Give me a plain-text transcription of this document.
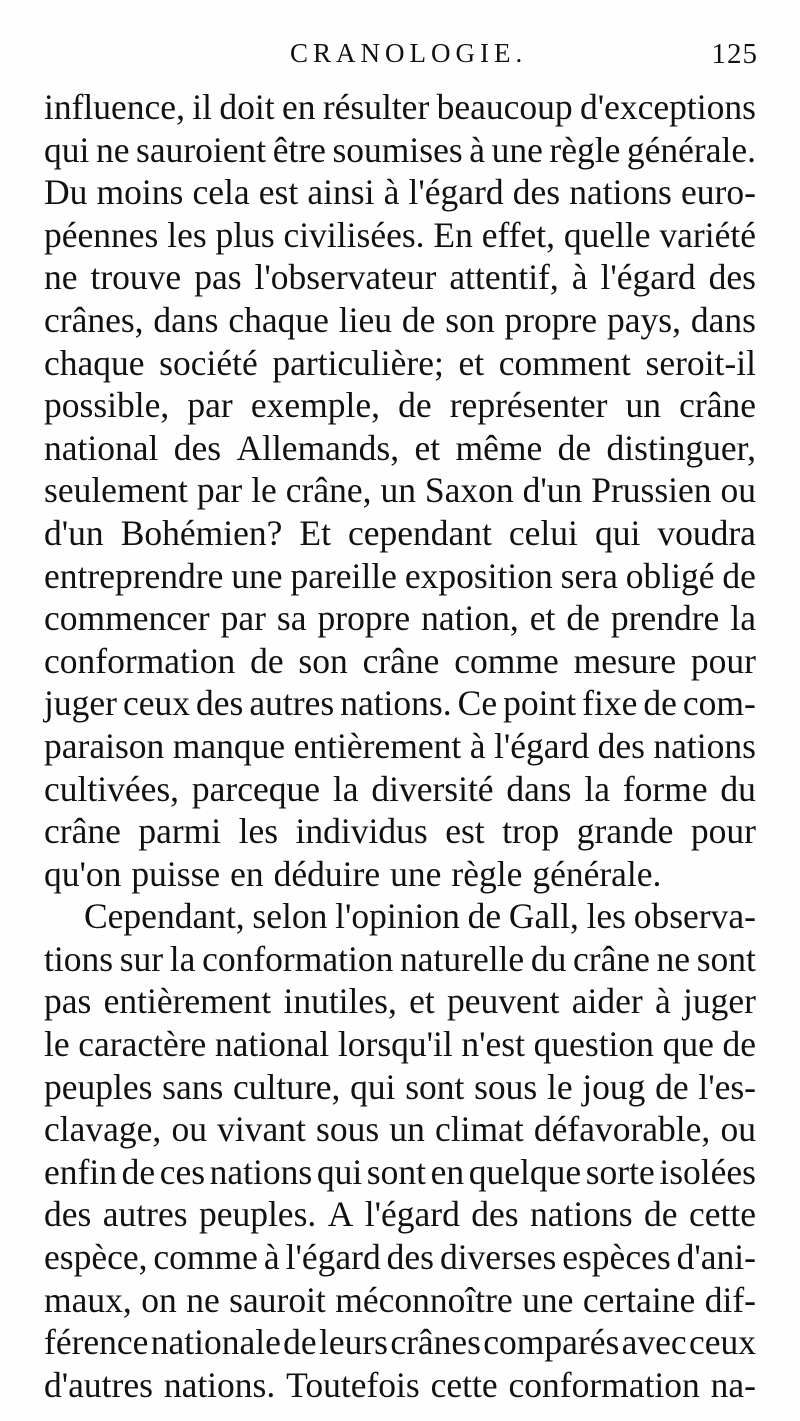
CRANOLOGIE.	125
influence, il doit en résulter beaucoup d'exceptions
qui ne sauroient être soumises à une règle générale.
Du moins cela est ainsi à l'égard des nations euro-
péennes les plus civilisées. En effet, quelle variété
ne trouve pas l'observateur attentif, à l'égard des
crânes, dans chaque lieu de son propre pays, dans
chaque société particulière; et comment seroit-il
possible, par exemple, de représenter un crâne
national des Allemands, et même de distinguer,
seulement par le crâne, un Saxon d'un Prussien ou
d'un Bohémien? Et cependant celui qui voudra
entreprendre une pareille exposition sera obligé de
commencer par sa propre nation, et de prendre la
conformation de son crâne comme mesure pour
juger ceux des autres nations. Ce point fixe de com-
paraison manque entièrement à l'égard des nations
cultivées, parceque la diversité dans la forme du
crâne parmi les individus est trop grande pour
qu'on puisse en déduire une règle générale.
Cependant, selon l'opinion de Gall, les observa-
tions sur la conformation naturelle du crâne ne sont
pas entièrement inutiles, et peuvent aider à juger
le caractère national lorsqu'il n'est question que de
peuples sans culture, qui sont sous le joug de l'es-
clavage, ou vivant sous un climat défavorable, ou
enfin de ces nations qui sont en quelque sorte isolées
des autres peuples. A l'égard des nations de cette
espèce, comme à l'égard des diverses espèces d'ani-
maux, on ne sauroit méconnoître une certaine dif-
férence nationale de leurs crânes comparés avec ceux
d'autres nations. Toutefois cette conformation na-
